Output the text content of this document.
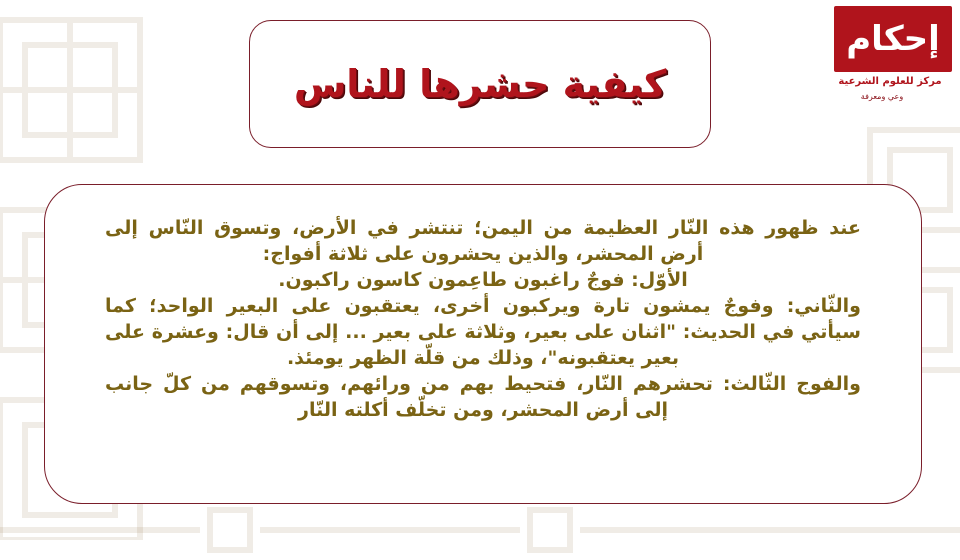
إحكام
مركز للعلوم الشرعية
وعي ومعرفة
كيفية حشرها للناس

عند ظهور هذه النّار العظيمة من اليمن؛ تنتشر في الأرض، وتسوق النّاس إلى أرض المحشر، والذين يحشرون على ثلاثة أفواج:

الأوّل: فوجٌ راغبون طاعِمون كاسون راكبون.

والثّاني: وفوجٌ يمشون تارة ويركبون أخرى، يعتقبون على البعير الواحد؛ كما سيأتي في الحديث: "اثنان على بعير، وثلاثة على بعير ... إلى أن قال: وعشرة على بعير يعتقبونه"، وذلك من قلّة الظهر يومئذ.

والفوج الثّالث: تحشرهم النّار، فتحيط بهم من ورائهم، وتسوقهم من كلّ جانب إلى أرض المحشر، ومن تخلّف أكلته النّار
